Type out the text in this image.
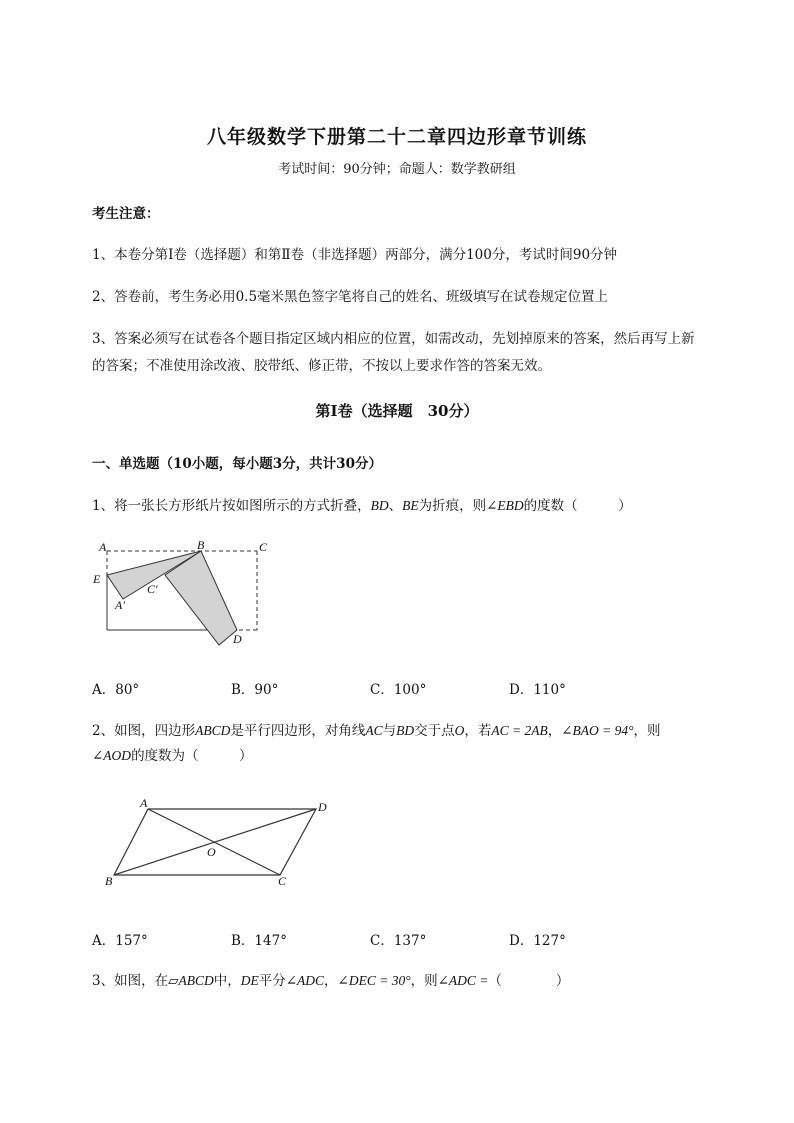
八年级数学下册第二十二章四边形章节训练
考试时间：90分钟；命题人：数学教研组
考生注意：
1、本卷分第Ⅰ卷（选择题）和第Ⅱ卷（非选择题）两部分，满分100分，考试时间90分钟
2、答卷前，考生务必用0.5毫米黑色签字笔将自己的姓名、班级填写在试卷规定位置上
3、答案必须写在试卷各个题目指定区域内相应的位置，如需改动，先划掉原来的答案，然后再写上新
的答案；不准使用涂改液、胶带纸、修正带，不按以上要求作答的答案无效。
第Ⅰ卷（选择题　30分）
一、单选题（10小题，每小题3分，共计30分）
1、将一张长方形纸片按如图所示的方式折叠，BD、BE为折痕，则∠EBD的度数（　　　）
A	B	C
E
A′
C′
D
A．80°	B．90°	C．100°	D．110°
2、如图，四边形ABCD是平行四边形，对角线AC与BD交于点O，若AC = 2AB，∠BAO = 94°，则
∠AOD的度数为（　　　）
A	D
B	C
O
A．157°	B．147°	C．137°	D．127°
3、如图，在▱ABCD中，DE平分∠ADC，∠DEC = 30°，则∠ADC =（　　　　）
